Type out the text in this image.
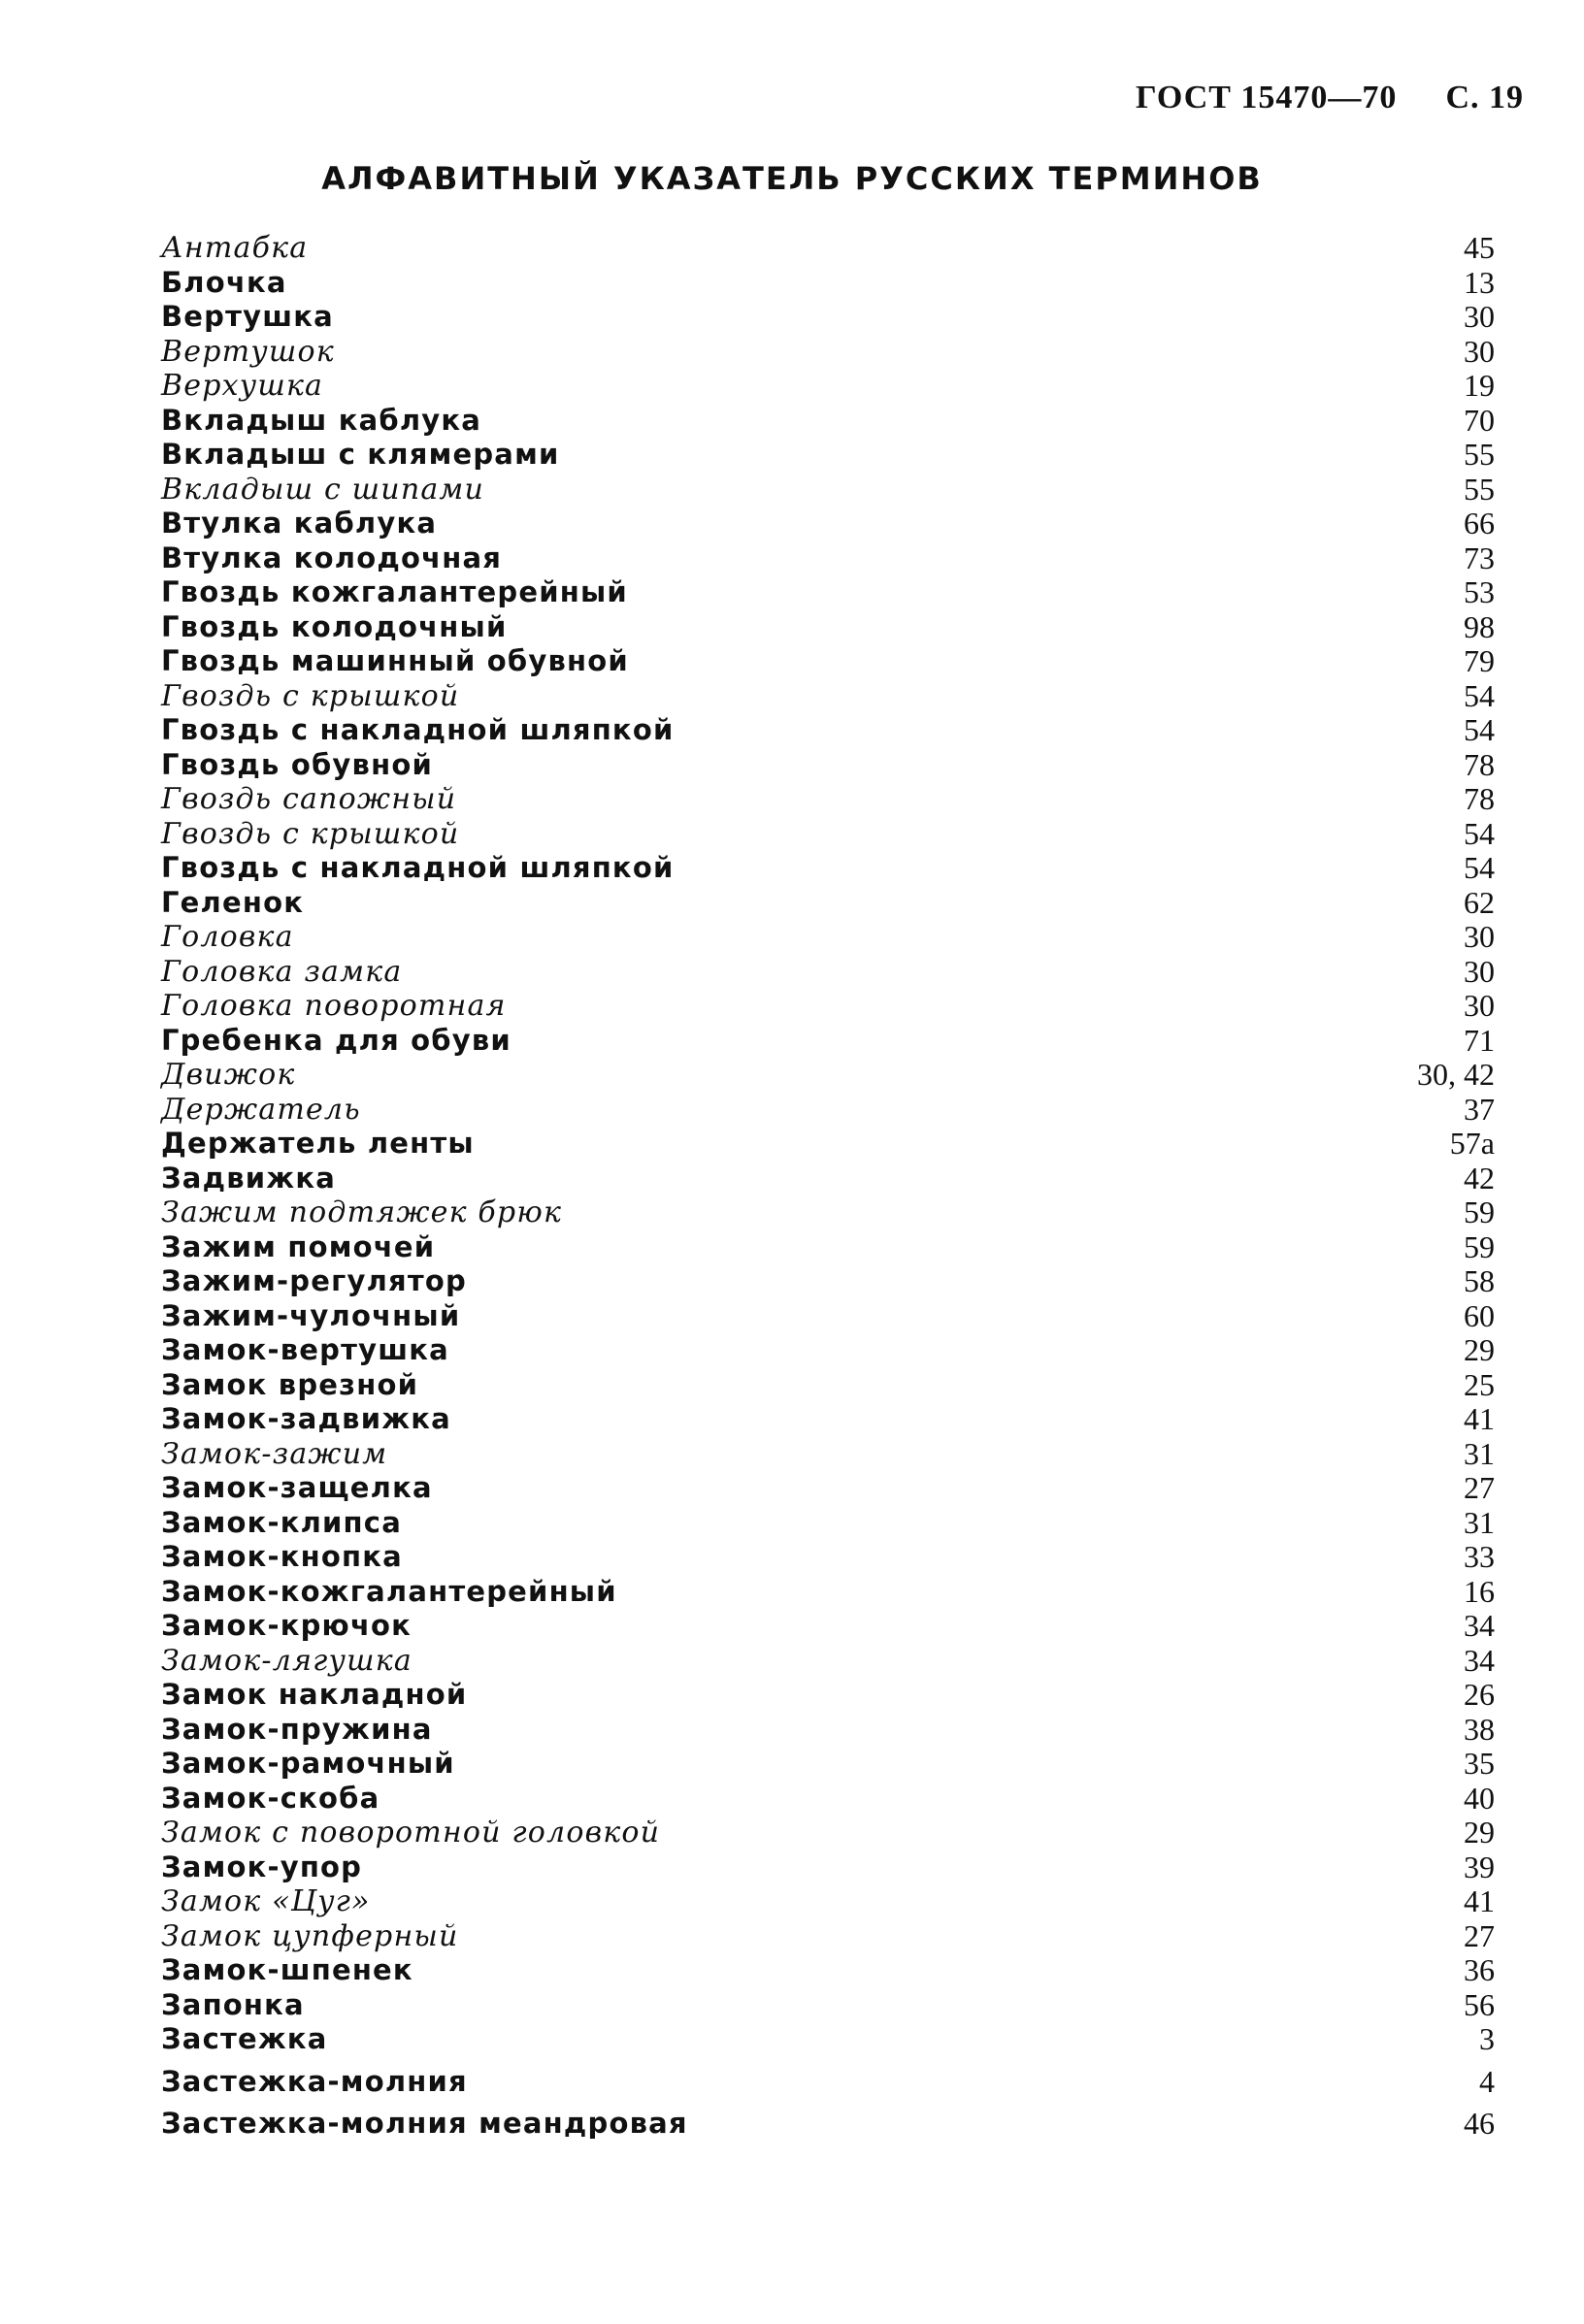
ГОСТ 15470—70 С. 19
АЛФАВИТНЫЙ УКАЗАТЕЛЬ РУССКИХ ТЕРМИНОВ
Антабка	45
Блочка	13
Вертушка	30
Вертушок	30
Верхушка	19
Вкладыш каблука	70
Вкладыш с клямерами	55
Вкладыш с шипами	55
Втулка каблука	66
Втулка колодочная	73
Гвоздь кожгалантерейный	53
Гвоздь колодочный	98
Гвоздь машинный обувной	79
Гвоздь с крышкой	54
Гвоздь с накладной шляпкой	54
Гвоздь обувной	78
Гвоздь сапожный	78
Гвоздь с крышкой	54
Гвоздь с накладной шляпкой	54
Геленок	62
Головка	30
Головка замка	30
Головка поворотная	30
Гребенка для обуви	71
Движок	30, 42
Держатель	37
Держатель ленты	57а
Задвижка	42
Зажим подтяжек брюк	59
Зажим помочей	59
Зажим-регулятор	58
Зажим-чулочный	60
Замок-вертушка	29
Замок врезной	25
Замок-задвижка	41
Замок-зажим	31
Замок-защелка	27
Замок-клипса	31
Замок-кнопка	33
Замок-кожгалантерейный	16
Замок-крючок	34
Замок-лягушка	34
Замок накладной	26
Замок-пружина	38
Замок-рамочный	35
Замок-скоба	40
Замок с поворотной головкой	29
Замок-упор	39
Замок «Цуг»	41
Замок цупферный	27
Замок-шпенек	36
Запонка	56
Застежка	3
Застежка-молния	4
Застежка-молния меандровая	46
